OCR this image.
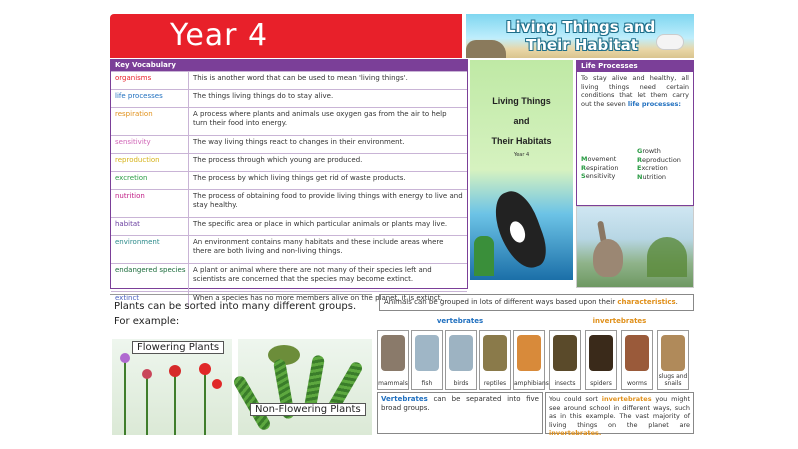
Year 4	Living Things and
Their Habitat
Key Vocabulary
organisms	This is another word that can be used to mean 'living things'.
life processes	The things living things do to stay alive.
respiration	A process where plants and animals use oxygen gas from the air to help turn their food into energy.
sensitivity	The way living things react to changes in their environment.
reproduction	The process through which young are produced.
excretion	The process by which living things get rid of waste products.
nutrition	The process of obtaining food to provide living things with energy to live and stay healthy.
habitat	The specific area or place in which particular animals or plants may live.
environment	An environment contains many habitats and these include areas where there are both living and non-living things.
endangered species	A plant or animal where there are not many of their species left and scientists are concerned that the species may become extinct.
extinct	When a species has no more members alive on the planet, it is extinct.
Living Things
and
Their Habitats
Year 4
Life Processes
To stay alive and healthy, all living things need certain conditions that let them carry out the seven life processes:
Movement
Respiration
Sensitivity
Growth
Reproduction
Excretion
Nutrition
Plants can be sorted into many different groups. For example:
Flowering Plants
Non-Flowering Plants
Animals can be grouped in lots of different ways based upon their characteristics.
vertebrates	invertebrates
mammals	fish	birds	reptiles	amphibians insects	spiders	worms
slugs and snails
Vertebrates can be separated into five broad groups.
You could sort invertebrates you might see around school in different ways, such as in this example. The vast majority of living things on the planet are invertebrates.
